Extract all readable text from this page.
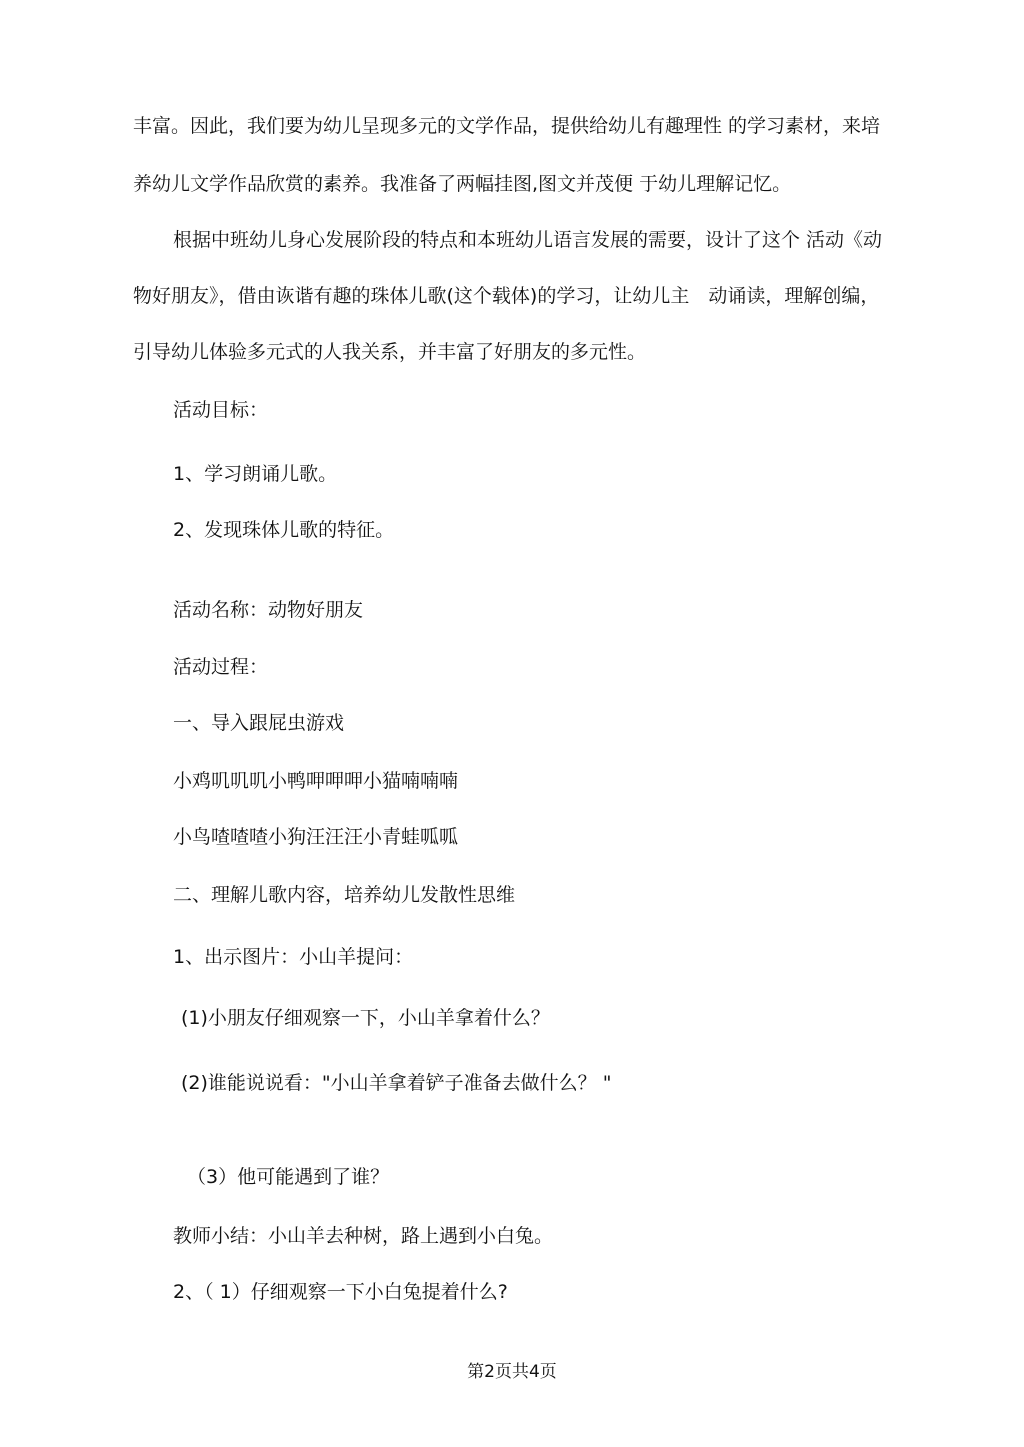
丰富。因此，我们要为幼儿呈现多元的文学作品，提供给幼儿有趣理性 的学习素材，来培

养幼儿文学作品欣赏的素养。我准备了两幅挂图,图文并茂便 于幼儿理解记忆。

根据中班幼儿身心发展阶段的特点和本班幼儿语言发展的需要，设计了这个 活动《动

物好朋友》，借由诙谐有趣的珠体儿歌(这个载体)的学习，让幼儿主　动诵读，理解创编，

引导幼儿体验多元式的人我关系，并丰富了好朋友的多元性。

活动目标：

1、学习朗诵儿歌。

2、发现珠体儿歌的特征。

活动名称：动物好朋友

活动过程：

一、导入跟屁虫游戏

小鸡叽叽叽小鸭呷呷呷小猫喃喃喃

小鸟喳喳喳小狗汪汪汪小青蛙呱呱

二、理解儿歌内容，培养幼儿发散性思维

1、出示图片：小山羊提问：

(1)小朋友仔细观察一下，小山羊拿着什么？

(2)谁能说说看："小山羊拿着铲子准备去做什么？ "

（3）他可能遇到了谁？

教师小结：小山羊去种树，路上遇到小白兔。

2、（ 1）仔细观察一下小白兔提着什么?

第2页共4页
